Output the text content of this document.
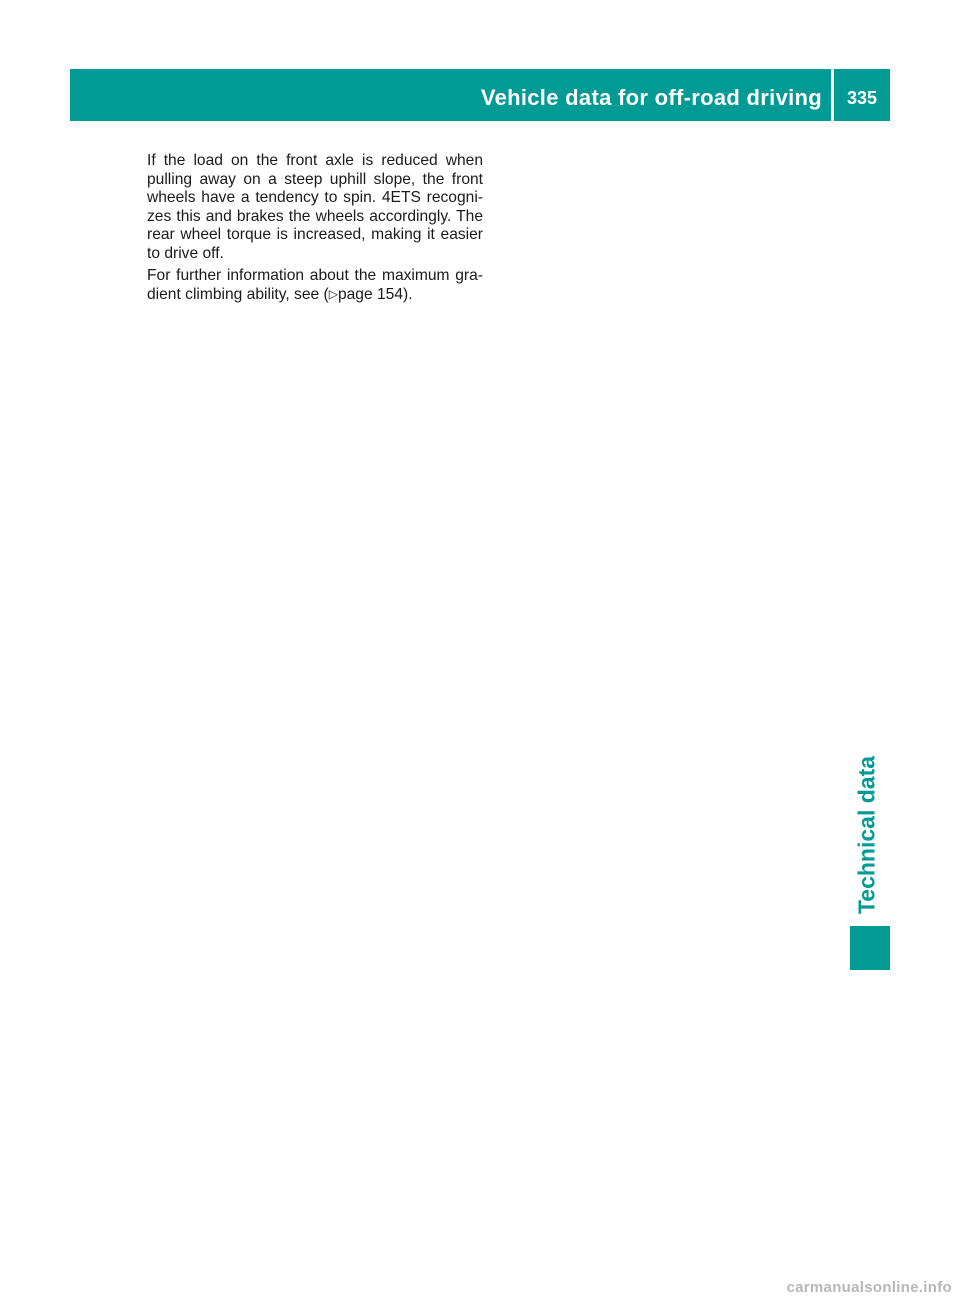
Vehicle data for off-road driving	335

If the load on the front axle is reduced when pulling away on a steep uphill slope, the front wheels have a tendency to spin. 4ETS recogni-zes this and brakes the wheels accordingly. The rear wheel torque is increased, making it easier to drive off.

For further information about the maximum gra-dient climbing ability, see (▷page 154).

Technical data
carmanualsonline.info
